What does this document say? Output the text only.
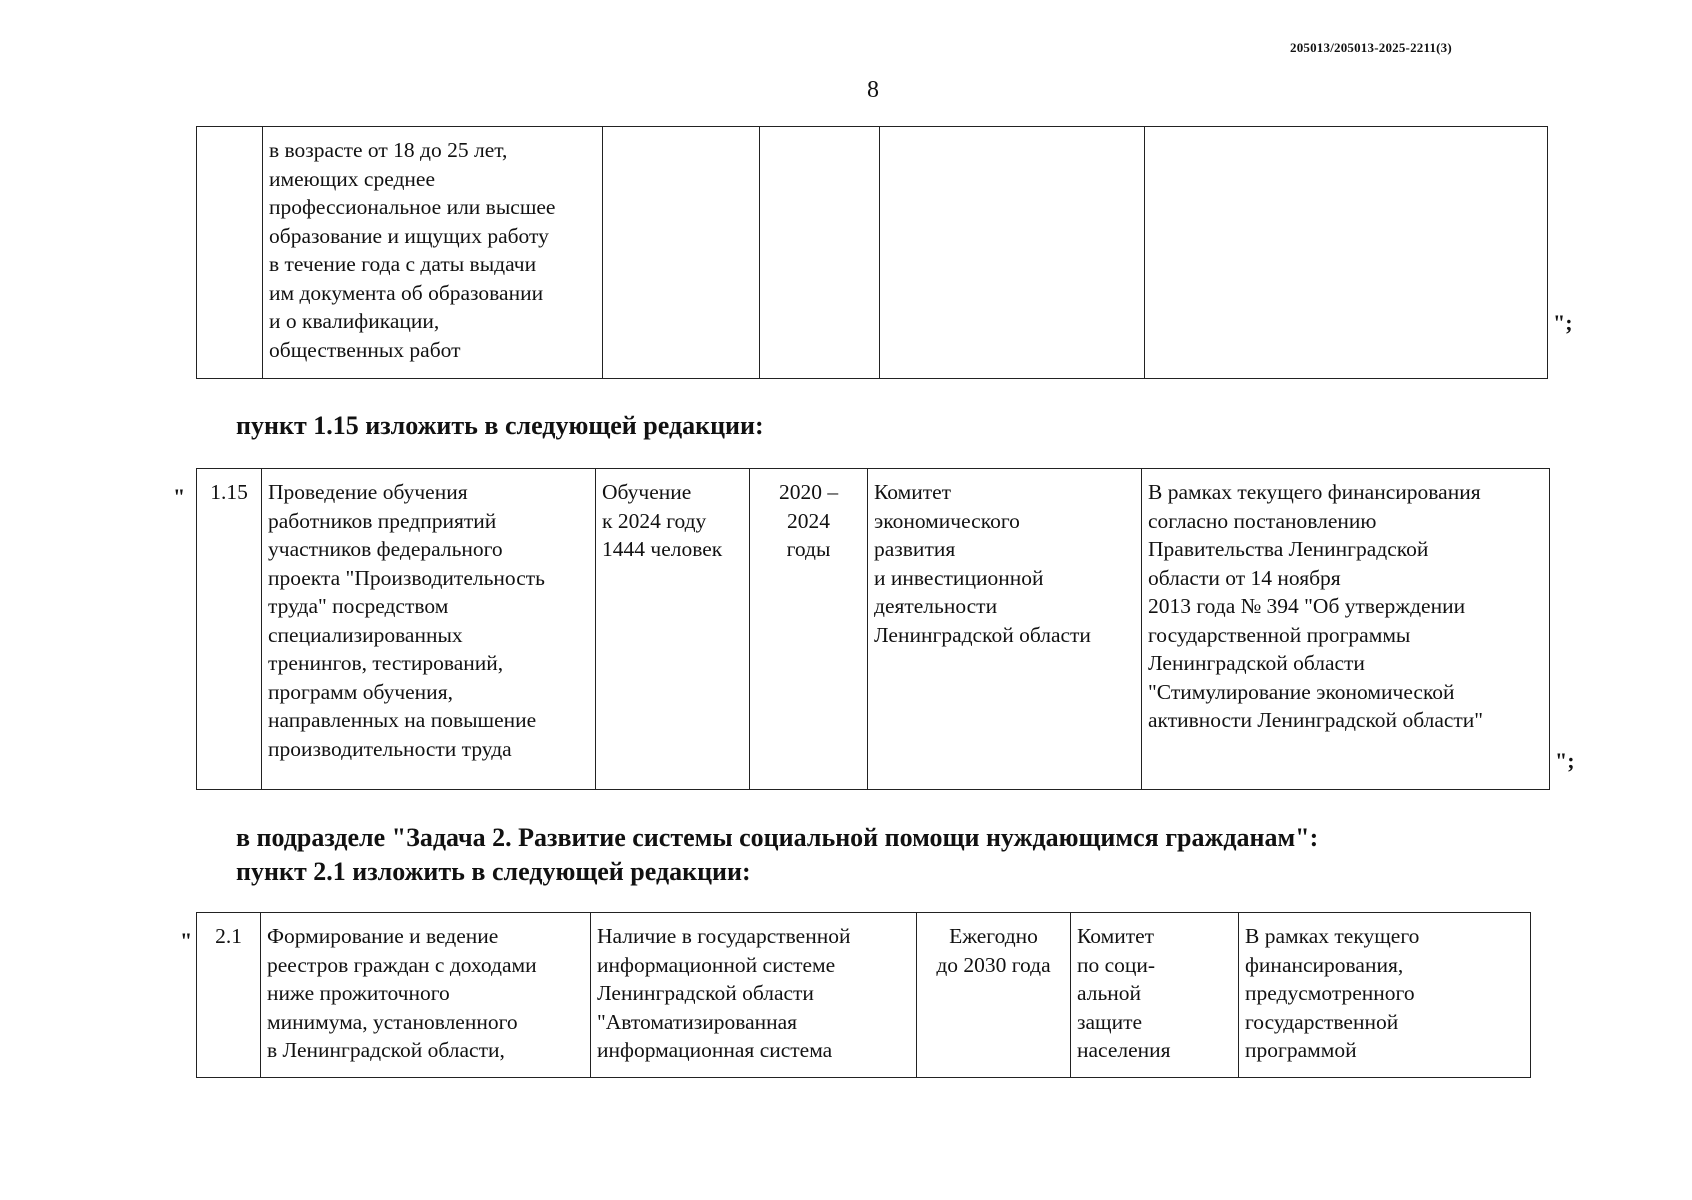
205013/205013-2025-2211(3)
8
	в возрасте от 18 до 25 лет,
имеющих среднее
профессиональное или высшее
образование и ищущих работу
в течение года с даты выдачи
им документа об образовании
и о квалификации,
общественных работ				
";
пункт 1.15 изложить в следующей редакции:
" 1.15	Проведение обучения
работников предприятий
участников федерального
проекта "Производительность
труда" посредством
специализированных
тренингов, тестирований,
программ обучения,
направленных на повышение
производительности труда	Обучение
к 2024 году
1444 человек	2020 –
2024
годы	Комитет
экономического
развития
и инвестиционной
деятельности
Ленинградской области	В рамках текущего финансирования
согласно постановлению
Правительства Ленинградской
области от 14 ноября
2013 года № 394 "Об утверждении
государственной программы
Ленинградской области
"Стимулирование экономической
активности Ленинградской области"
";
в подразделе "Задача 2. Развитие системы социальной помощи нуждающимся гражданам":
пункт 2.1 изложить в следующей редакции:
" 2.1	Формирование и ведение
реестров граждан с доходами
ниже прожиточного
минимума, установленного
в Ленинградской области,	Наличие в государственной
информационной системе
Ленинградской области
"Автоматизированная
информационная система	Ежегодно
до 2030 года	Комитет
по соци-
альной
защите
населения	В рамках текущего
финансирования,
предусмотренного
государственной
программой
